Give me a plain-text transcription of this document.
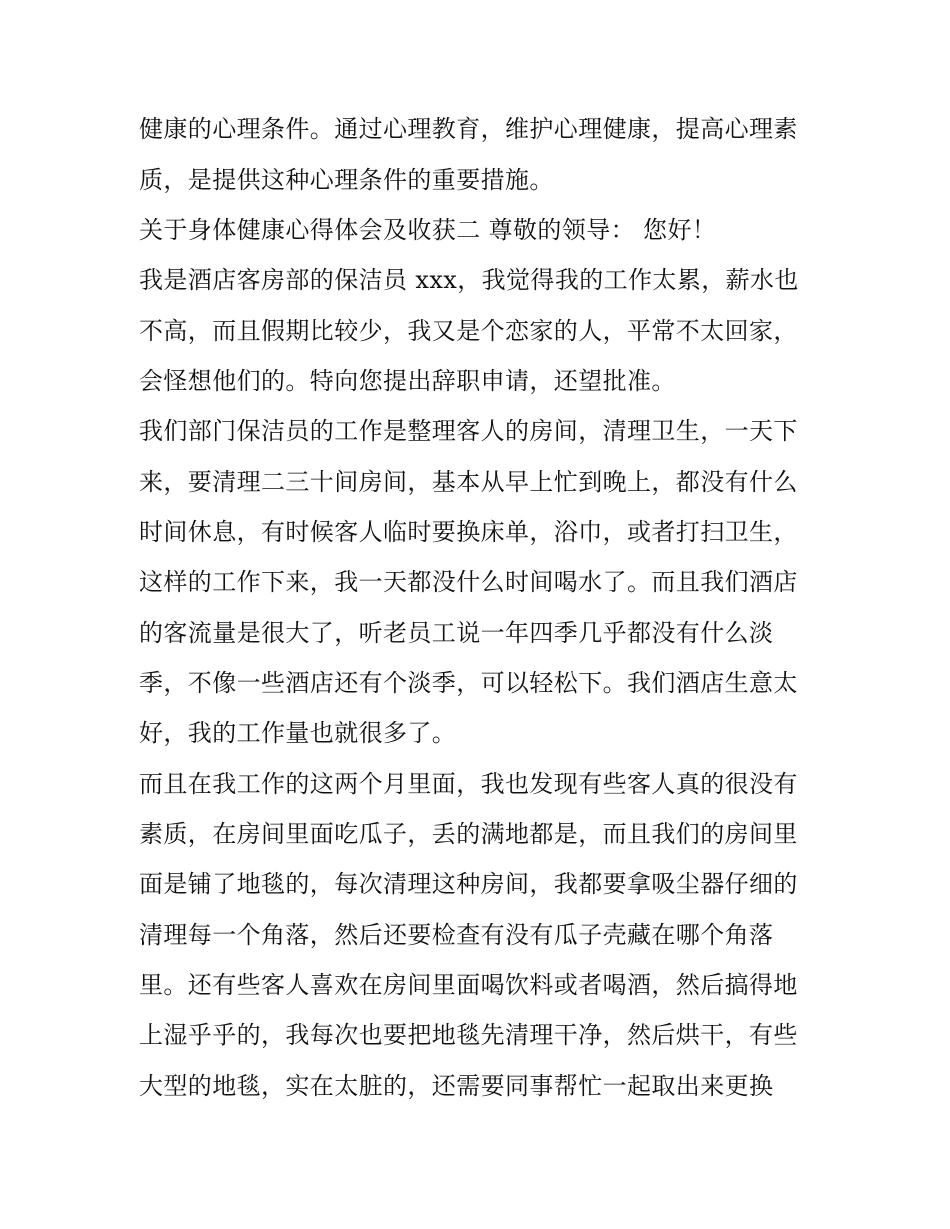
健康的心理条件。通过心理教育，维护心理健康，提高心理素
质，是提供这种心理条件的重要措施。
关于身体健康心得体会及收获二 尊敬的领导： 您好！
我是酒店客房部的保洁员 xxx，我觉得我的工作太累，薪水也
不高，而且假期比较少，我又是个恋家的人，平常不太回家，
会怪想他们的。特向您提出辞职申请，还望批准。
我们部门保洁员的工作是整理客人的房间，清理卫生，一天下
来，要清理二三十间房间，基本从早上忙到晚上，都没有什么
时间休息，有时候客人临时要换床单，浴巾，或者打扫卫生，
这样的工作下来，我一天都没什么时间喝水了。而且我们酒店
的客流量是很大了，听老员工说一年四季几乎都没有什么淡
季，不像一些酒店还有个淡季，可以轻松下。我们酒店生意太
好，我的工作量也就很多了。
而且在我工作的这两个月里面，我也发现有些客人真的很没有
素质，在房间里面吃瓜子，丢的满地都是，而且我们的房间里
面是铺了地毯的，每次清理这种房间，我都要拿吸尘器仔细的
清理每一个角落，然后还要检查有没有瓜子壳藏在哪个角落
里。还有些客人喜欢在房间里面喝饮料或者喝酒，然后搞得地
上湿乎乎的，我每次也要把地毯先清理干净，然后烘干，有些
大型的地毯，实在太脏的，还需要同事帮忙一起取出来更换
